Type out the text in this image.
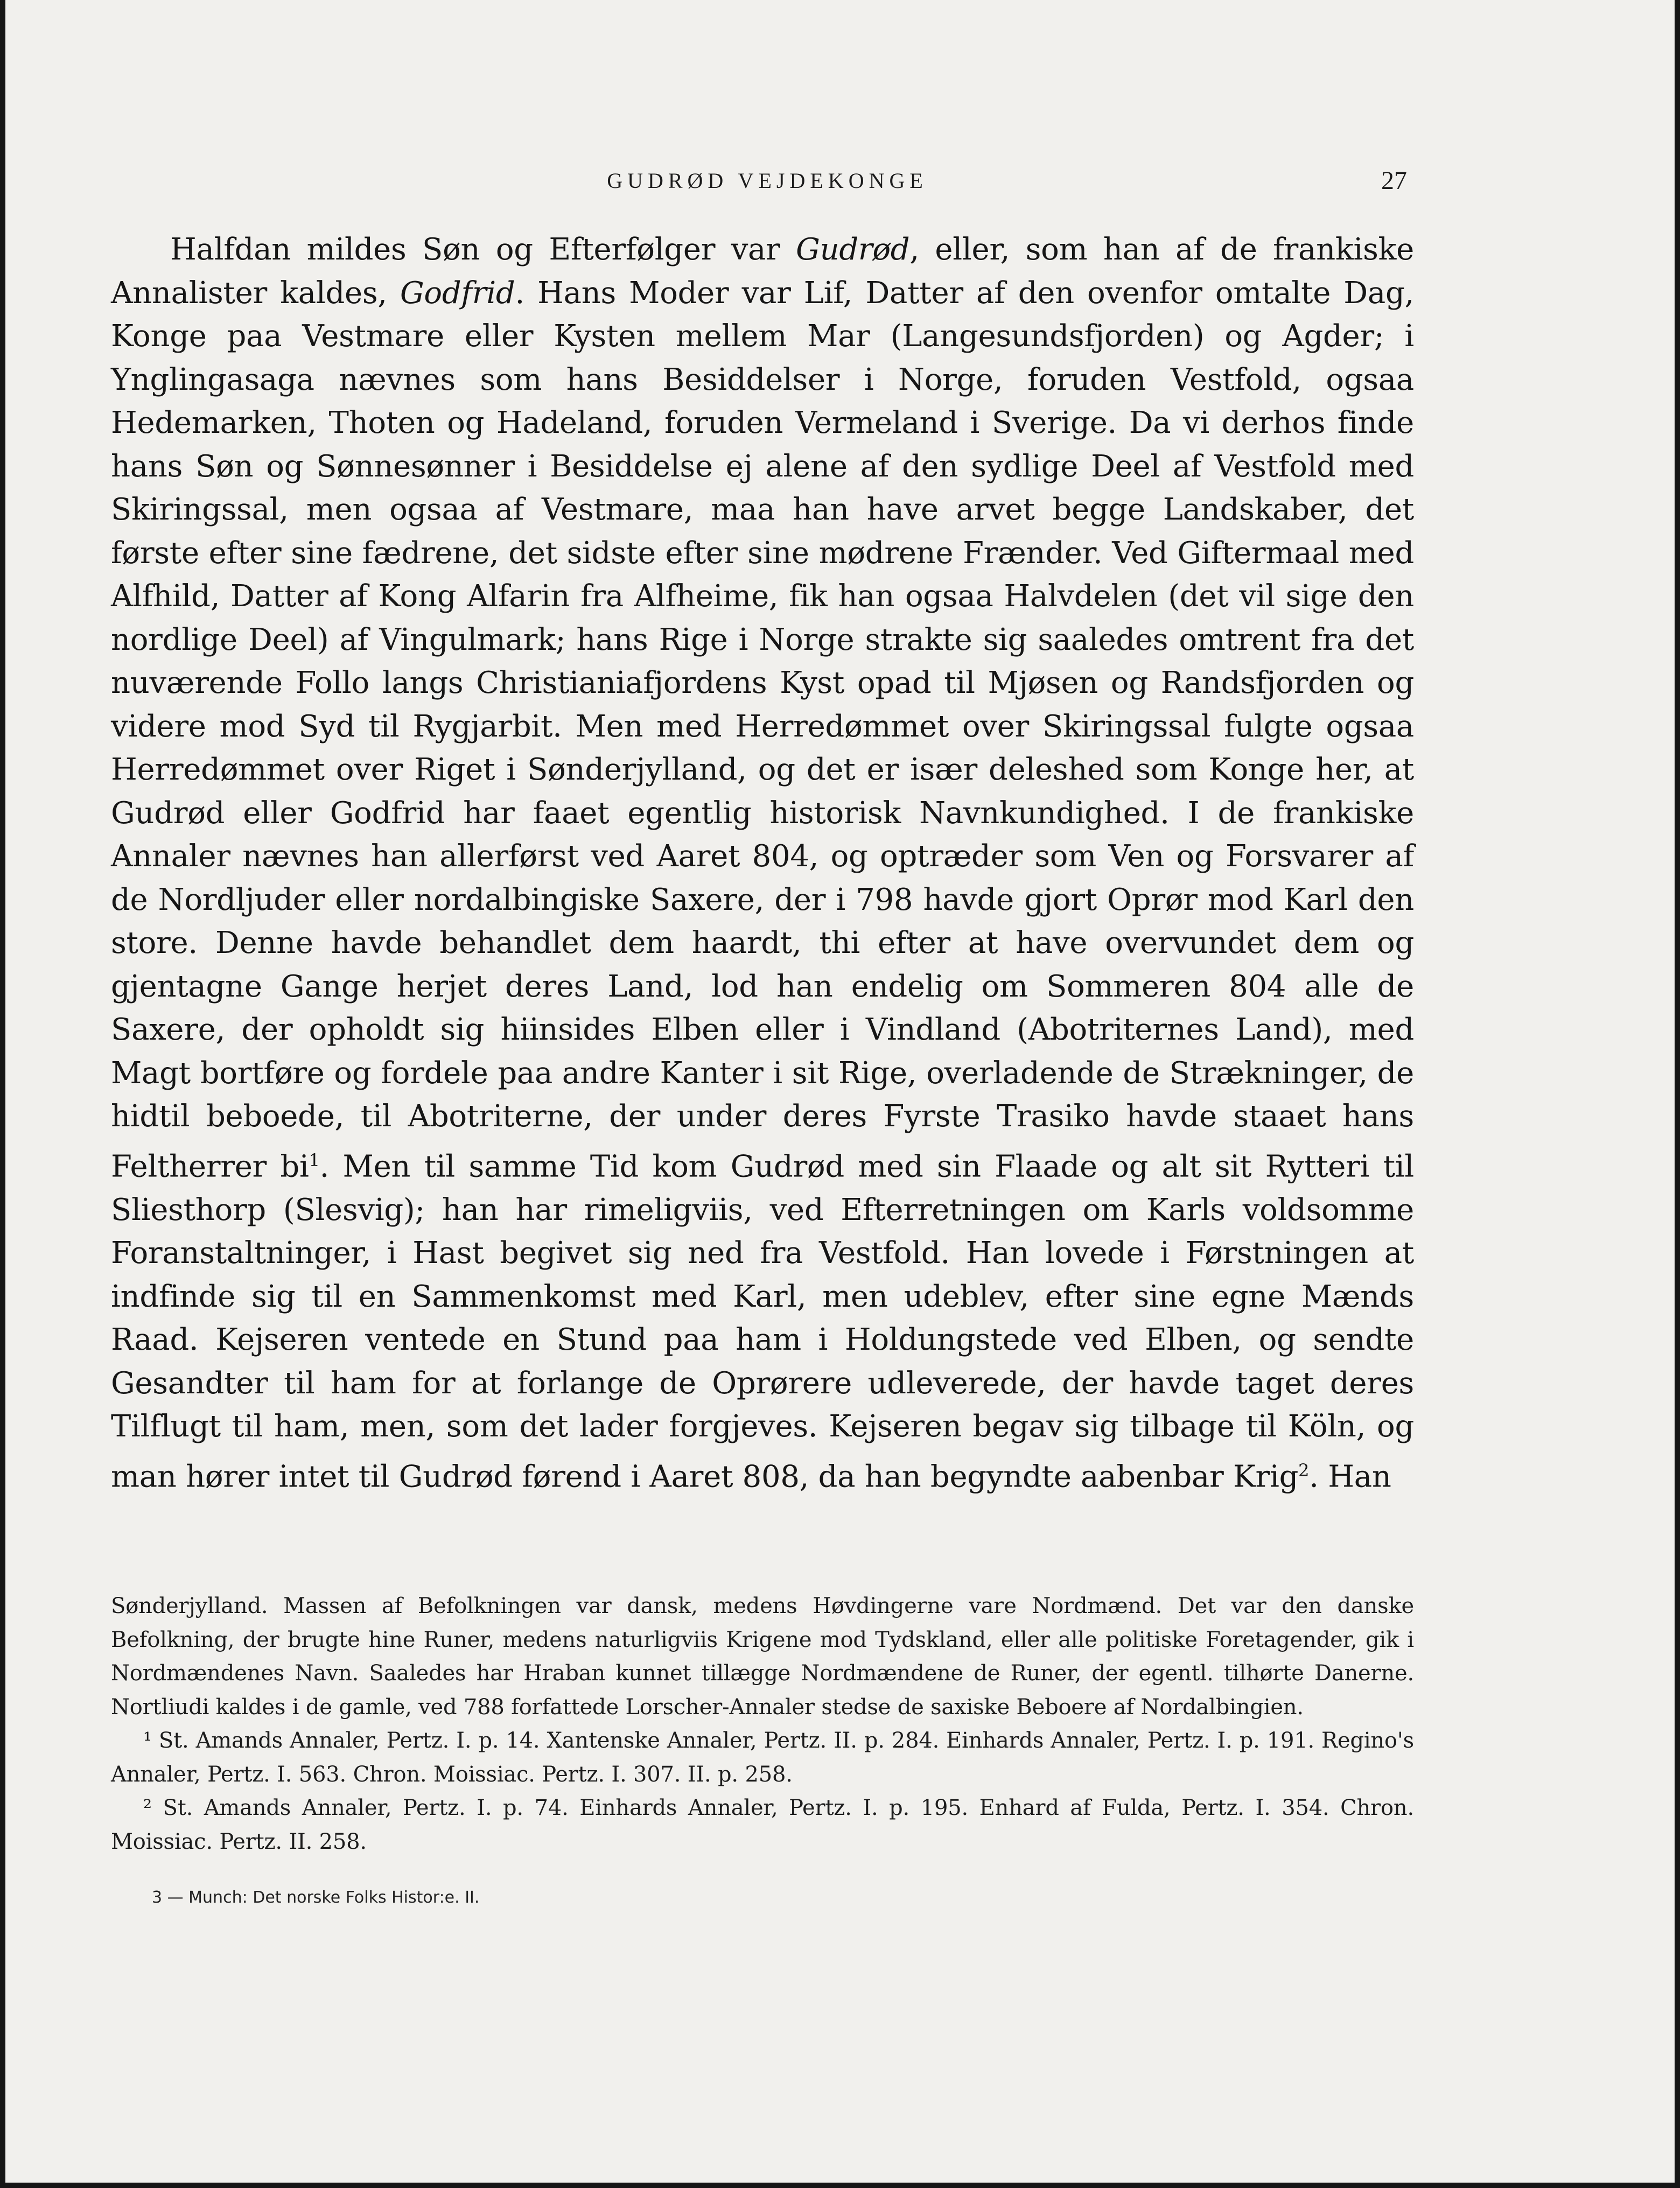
GUDRØD VEJDEKONGE	27

Halfdan mildes Søn og Efterfølger var Gudrød, eller, som han af de frankiske Annalister kaldes, Godfrid. Hans Moder var Lif, Datter af den ovenfor omtalte Dag, Konge paa Vestmare eller Kysten mellem Mar (Langesundsfjorden) og Agder; i Ynglingasaga nævnes som hans Besiddelser i Norge, foruden Vestfold, ogsaa Hedemarken, Thoten og Hadeland, foruden Vermeland i Sverige. Da vi derhos finde hans Søn og Sønnesønner i Besiddelse ej alene af den sydlige Deel af Vestfold med Skiringssal, men ogsaa af Vestmare, maa han have arvet begge Landskaber, det første efter sine fædrene, det sidste efter sine mødrene Frænder. Ved Giftermaal med Alfhild, Datter af Kong Alfarin fra Alfheime, fik han ogsaa Halvdelen (det vil sige den nordlige Deel) af Vingulmark; hans Rige i Norge strakte sig saaledes omtrent fra det nuværende Follo langs Christianiafjordens Kyst opad til Mjøsen og Randsfjorden og videre mod Syd til Rygjarbit. Men med Herredømmet over Skiringssal fulgte ogsaa Herredømmet over Riget i Sønderjylland, og det er især deleshed som Konge her, at Gudrød eller Godfrid har faaet egentlig historisk Navnkundighed. I de frankiske Annaler nævnes han allerførst ved Aaret 804, og optræder som Ven og Forsvarer af de Nordljuder eller nordalbingiske Saxere, der i 798 havde gjort Oprør mod Karl den store. Denne havde behandlet dem haardt, thi efter at have overvundet dem og gjentagne Gange herjet deres Land, lod han endelig om Sommeren 804 alle de Saxere, der opholdt sig hiinsides Elben eller i Vindland (Abotriternes Land), med Magt bortføre og fordele paa andre Kanter i sit Rige, overladende de Strækninger, de hidtil beboede, til Abotriterne, der under deres Fyrste Trasiko havde staaet hans Feltherrer $bi^1$. Men til samme Tid kom Gudrød med sin Flaade og alt sit Rytteri til Sliesthorp (Slesvig); han har rimeligviis, ved Efterretningen om Karls voldsomme Foranstaltninger, i Hast begivet sig ned fra Vestfold. Han lovede i Førstningen at indfinde sig til en Sammenkomst med Karl, men udeblev, efter sine egne Mænds Raad. Kejseren ventede en Stund paa ham i Holdungstede ved Elben, og sendte Gesandter til ham for at forlange de Oprørere udleverede, der havde taget deres Tilflugt til ham, men, som det lader forgjeves. Kejseren begav sig tilbage til Köln, og man hører intet til Gudrød førend i Aaret 808, da han begyndte aabenbar Krig$^2$. Han

Sønderjylland. Massen af Befolkningen var dansk, medens Høvdingerne vare Nordmænd. Det var den danske Befolkning, der brugte hine Runer, medens naturligviis Krigene mod Tydskland, eller alle politiske Foretagender, gik i Nordmændenes Navn. Saaledes har Hraban kunnet tillægge Nordmændene de Runer, der egentl. tilhørte Danerne. Nortliudi kaldes i de gamle, ved 788 forfattede Lorscher-Annaler stedse de saxiske Beboere af Nordalbingien.

¹ St. Amands Annaler, Pertz. I. p. 14. Xantenske Annaler, Pertz. II. p. 284. Einhards Annaler, Pertz. I. p. 191. Regino's Annaler, Pertz. I. 563. Chron. Moissiac. Pertz. I. 307. II. p. 258.

² St. Amands Annaler, Pertz. I. p. 74. Einhards Annaler, Pertz. I. p. 195. Enhard af Fulda, Pertz. I. 354. Chron. Moissiac. Pertz. II. 258.

3 — Munch: Det norske Folks Histor:e. II.
